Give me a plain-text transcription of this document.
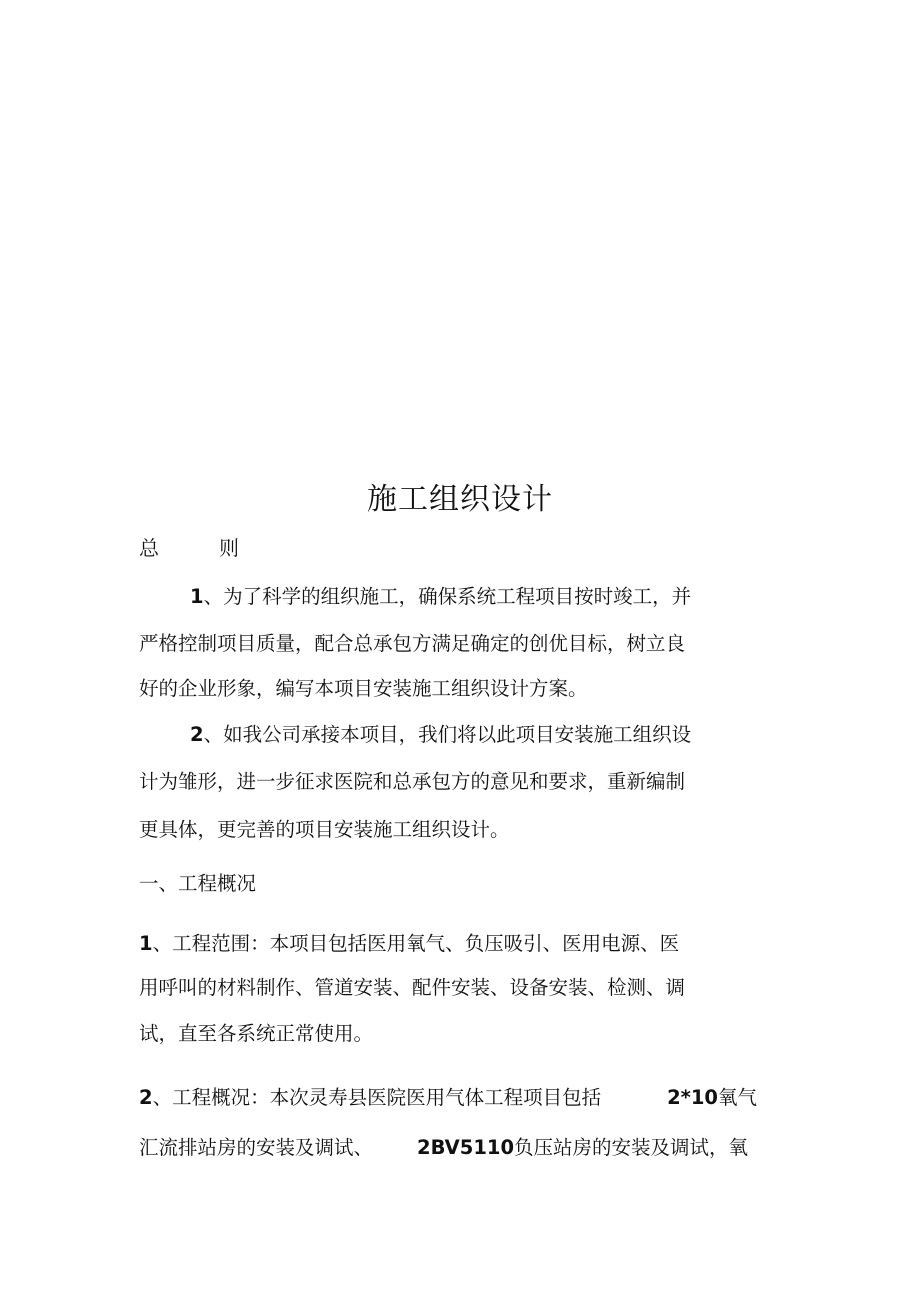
施工组织设计
总	则
1、为了科学的组织施工，确保系统工程项目按时竣工，并
严格控制项目质量，配合总承包方满足确定的创优目标，树立良
好的企业形象，编写本项目安装施工组织设计方案。
2、如我公司承接本项目，我们将以此项目安装施工组织设
计为雏形，进一步征求医院和总承包方的意见和要求，重新编制
更具体，更完善的项目安装施工组织设计。
一、工程概况
1、工程范围：本项目包括医用氧气、负压吸引、医用电源、医
用呼叫的材料制作、管道安装、配件安装、设备安装、检测、调
试，直至各系统正常使用。
2、工程概况：本次灵寿县医院医用气体工程项目包括	2*10氧气
汇流排站房的安装及调试、 2BV5110负压站房的安装及调试，氧
